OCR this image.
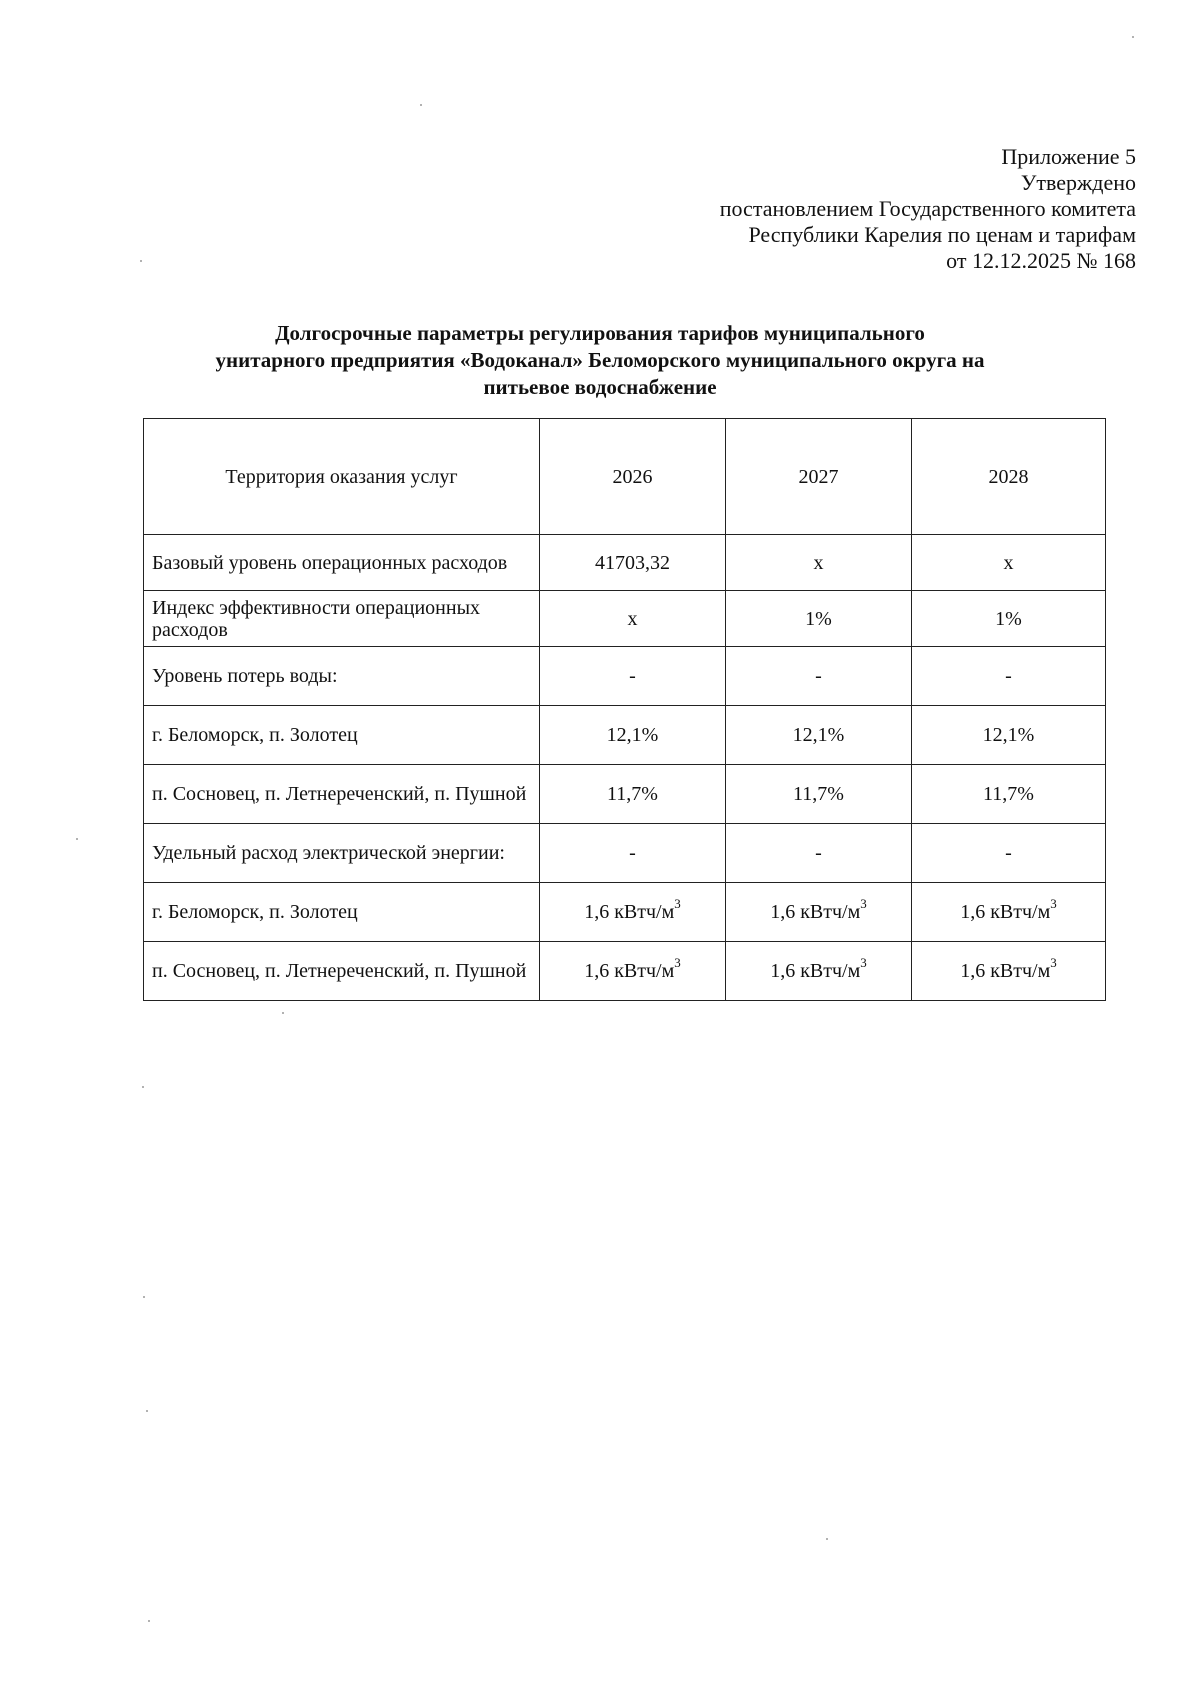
Приложение 5
Утверждено
постановлением Государственного комитета
Республики Карелия по ценам и тарифам
от 12.12.2025 № 168
Долгосрочные параметры регулирования тарифов муниципального
унитарного предприятия «Водоканал» Беломорского муниципального округа на
питьевое водоснабжение
Территория оказания услуг	2026	2027	2028
Базовый уровень операционных расходов	41703,32	х	х
Индекс эффективности операционных расходов	х	1%	1%
Уровень потерь воды:	-	-	-
г. Беломорск, п. Золотец	12,1%	12,1%	12,1%
п. Сосновец, п. Летнереченский, п. Пушной	11,7%	11,7%	11,7%
Удельный расход электрической энергии:	-	-	-
г. Беломорск, п. Золотец	1,6 кВтч/$м^3$	1,6 кВтч/$м^3$	1,6 кВтч/$м^3$
п. Сосновец, п. Летнереченский, п. Пушной	1,6 кВтч/$м^3$	1,6 кВтч/$м^3$	1,6 кВтч/$м^3$
